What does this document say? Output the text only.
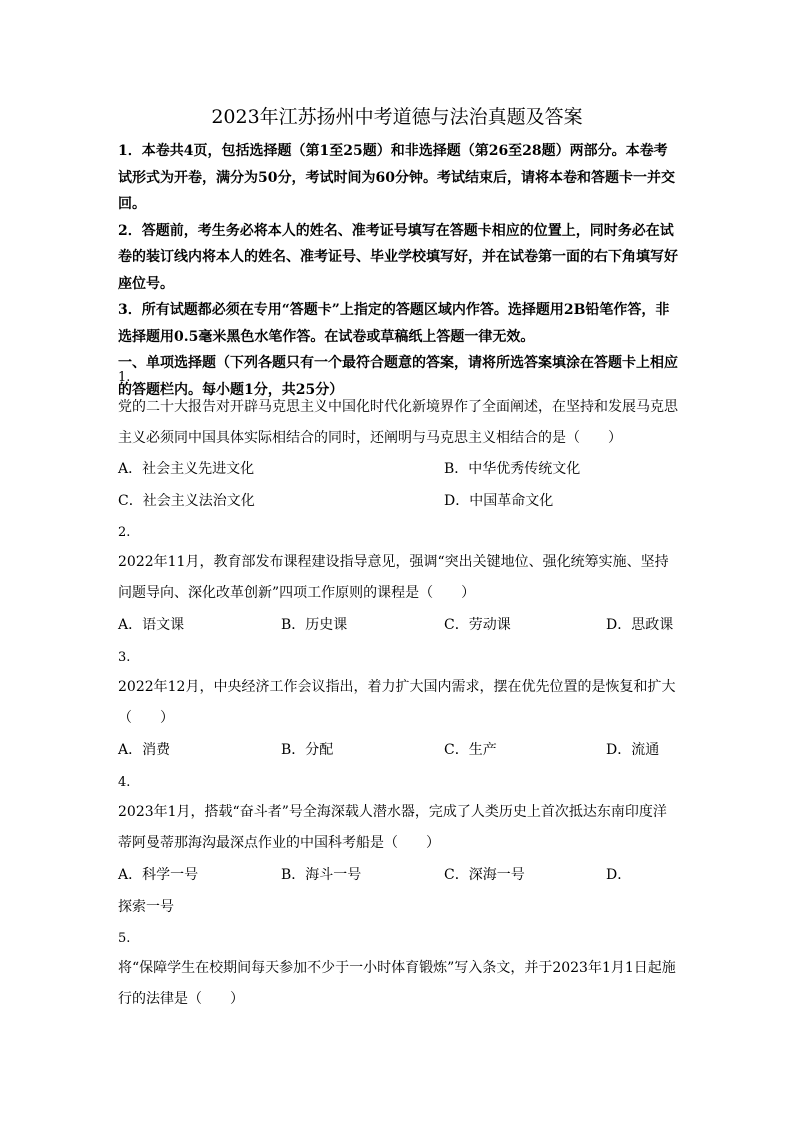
2023年江苏扬州中考道德与法治真题及答案

1．本卷共4页，包括选择题（第1至25题）和非选择题（第26至28题）两部分。本卷考试形式为开卷，满分为50分，考试时间为60分钟。考试结束后，请将本卷和答题卡一并交回。

2．答题前，考生务必将本人的姓名、准考证号填写在答题卡相应的位置上，同时务必在试卷的装订线内将本人的姓名、准考证号、毕业学校填写好，并在试卷第一面的右下角填写好座位号。

3．所有试题都必须在专用“答题卡”上指定的答题区域内作答。选择题用2B铅笔作答，非选择题用0.5毫米黑色水笔作答。在试卷或草稿纸上答题一律无效。

一、单项选择题（下列各题只有一个最符合题意的答案，请将所选答案填涂在答题卡上相应的答题栏内。每小题1分，共25分）

1.
党的二十大报告对开辟马克思主义中国化时代化新境界作了全面阐述，在坚持和发展马克思主义必须同中国具体实际相结合的同时，还阐明与马克思主义相结合的是（　　）
A．社会主义先进文化	B．中华优秀传统文化
C．社会主义法治文化	D．中国革命文化
2.
2022年11月，教育部发布课程建设指导意见，强调“突出关键地位、强化统筹实施、坚持问题导向、深化改革创新”四项工作原则的课程是（　　）
A．语文课	B．历史课	C．劳动课	D．思政课
3.
2022年12月，中央经济工作会议指出，着力扩大国内需求，摆在优先位置的是恢复和扩大（　　）
A．消费	B．分配	C．生产	D．流通
4.
2023年1月，搭载“奋斗者”号全海深载人潜水器，完成了人类历史上首次抵达东南印度洋蒂阿曼蒂那海沟最深点作业的中国科考船是（　　）
A．科学一号	B．海斗一号	C．深海一号	D．
探索一号
5.
将“保障学生在校期间每天参加不少于一小时体育锻炼”写入条文，并于2023年1月1日起施行的法律是（　　）
